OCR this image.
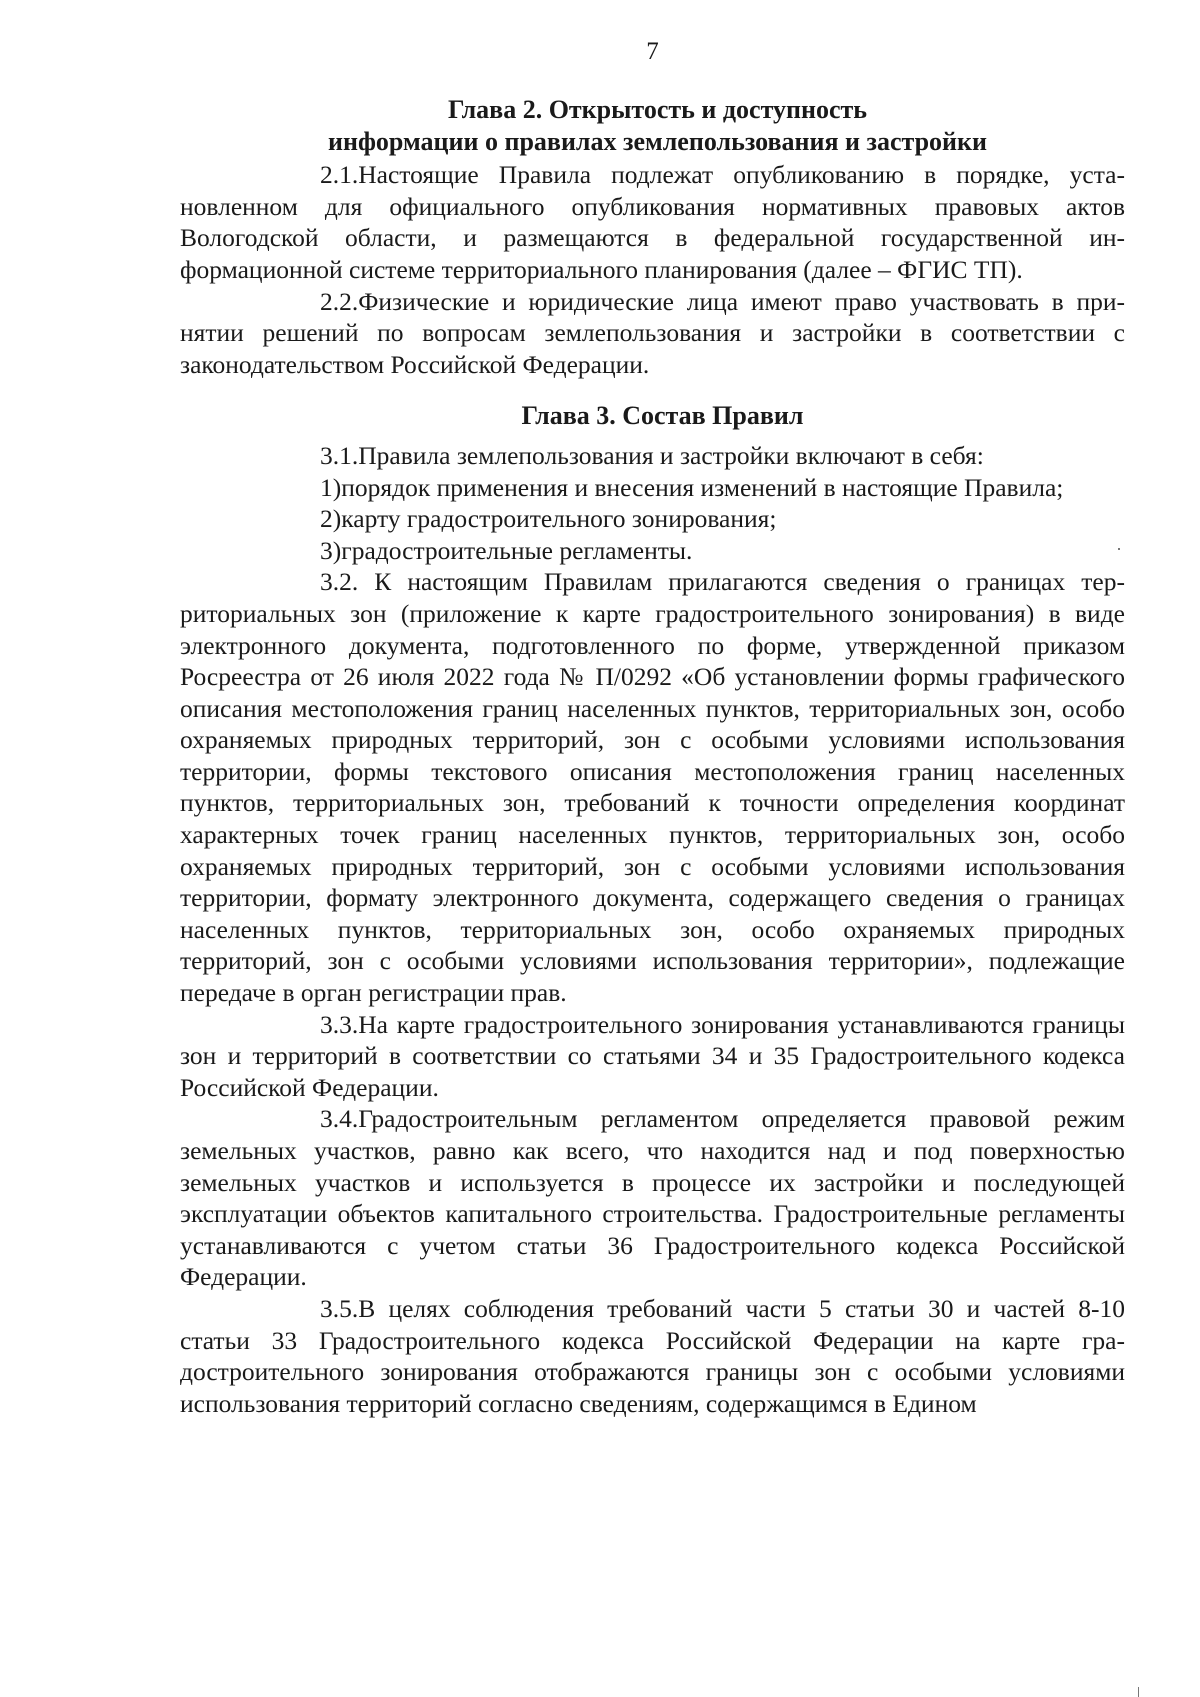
7
Глава 2. Открытость и доступность
информации о правилах землепользования и застройки

2.1.Настоящие Правила подлежат опубликованию в порядке, установленном для официального опубликования нормативных правовых актов Вологодской области, и размещаются в федеральной государственной информационной системе территориального планирования (далее – ФГИС ТП).

2.2.Физические и юридические лица имеют право участвовать в принятии решений по вопросам землепользования и застройки в соответствии с законодательством Российской Федерации.

Глава 3. Состав Правил

3.1.Правила землепользования и застройки включают в себя:

1)порядок применения и внесения изменений в настоящие Правила;

2)карту градостроительного зонирования;

3)градостроительные регламенты.

3.2. К настоящим Правилам прилагаются сведения о границах территориальных зон (приложение к карте градостроительного зонирования) в виде электронного документа, подготовленного по форме, утвержденной приказом Росреестра от 26 июля 2022 года № П/0292 «Об установлении формы графического описания местоположения границ населенных пунктов, территориальных зон, особо охраняемых природных территорий, зон с особыми условиями использования территории, формы текстового описания местоположения границ населенных пунктов, территориальных зон, требований к точности определения координат характерных точек границ населенных пунктов, территориальных зон, особо охраняемых природных территорий, зон с особыми условиями использования территории, формату электронного документа, содержащего сведения о границах населенных пунктов, территориальных зон, особо охраняемых природных территорий, зон с особыми условиями использования территории», подлежащие передаче в орган регистрации прав.

3.3.На карте градостроительного зонирования устанавливаются границы зон и территорий в соответствии со статьями 34 и 35 Градостроительного кодекса Российской Федерации.

3.4.Градостроительным регламентом определяется правовой режим земельных участков, равно как всего, что находится над и под поверхностью земельных участков и используется в процессе их застройки и последующей эксплуатации объектов капитального строительства. Градостроительные регламенты устанавливаются с учетом статьи 36 Градостроительного кодекса Российской Федерации.

3.5.В целях соблюдения требований части 5 статьи 30 и частей 8-10 статьи 33 Градостроительного кодекса Российской Федерации на карте градостроительного зонирования отображаются границы зон с особыми условиями использования территорий согласно сведениям, содержащимся в Едином
